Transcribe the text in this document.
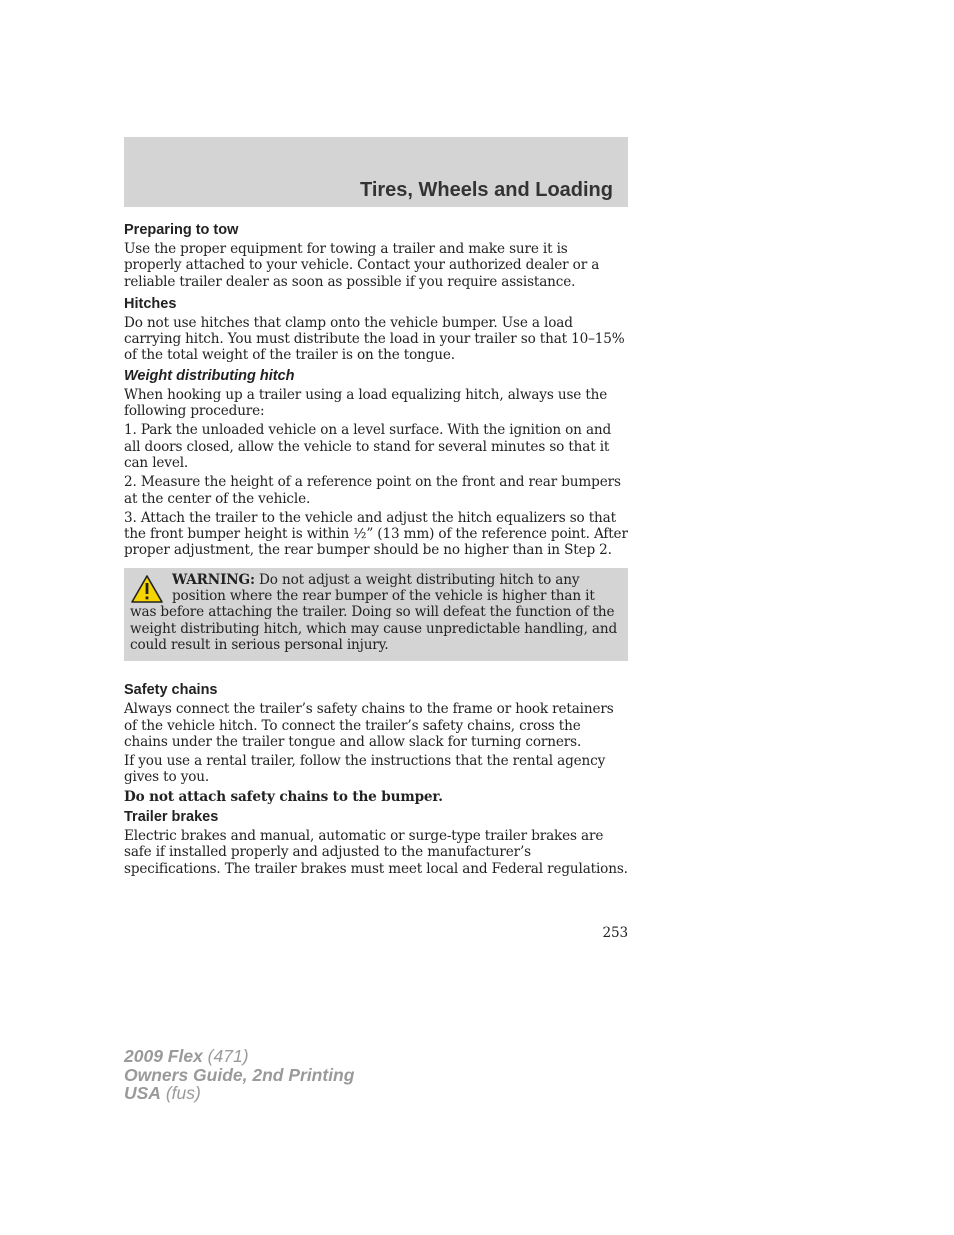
Tires, Wheels and Loading
Preparing to tow

Use the proper equipment for towing a trailer and make sure it is properly attached to your vehicle. Contact your authorized dealer or a reliable trailer dealer as soon as possible if you require assistance.

Hitches

Do not use hitches that clamp onto the vehicle bumper. Use a load carrying hitch. You must distribute the load in your trailer so that 10–15% of the total weight of the trailer is on the tongue.

Weight distributing hitch

When hooking up a trailer using a load equalizing hitch, always use the following procedure:

1. Park the unloaded vehicle on a level surface. With the ignition on and all doors closed, allow the vehicle to stand for several minutes so that it can level.

2. Measure the height of a reference point on the front and rear bumpers at the center of the vehicle.

3. Attach the trailer to the vehicle and adjust the hitch equalizers so that the front bumper height is within ½” (13 mm) of the reference point. After proper adjustment, the rear bumper should be no higher than in Step 2.

WARNING: Do not adjust a weight distributing hitch to any position where the rear bumper of the vehicle is higher than it was before attaching the trailer. Doing so will defeat the function of the weight distributing hitch, which may cause unpredictable handling, and could result in serious personal injury.

Safety chains

Always connect the trailer’s safety chains to the frame or hook retainers of the vehicle hitch. To connect the trailer’s safety chains, cross the chains under the trailer tongue and allow slack for turning corners.

If you use a rental trailer, follow the instructions that the rental agency gives to you.

Do not attach safety chains to the bumper.

Trailer brakes

Electric brakes and manual, automatic or surge-type trailer brakes are safe if installed properly and adjusted to the manufacturer’s specifications. The trailer brakes must meet local and Federal regulations.

253

2009 Flex (471)
Owners Guide, 2nd Printing
USA (fus)
